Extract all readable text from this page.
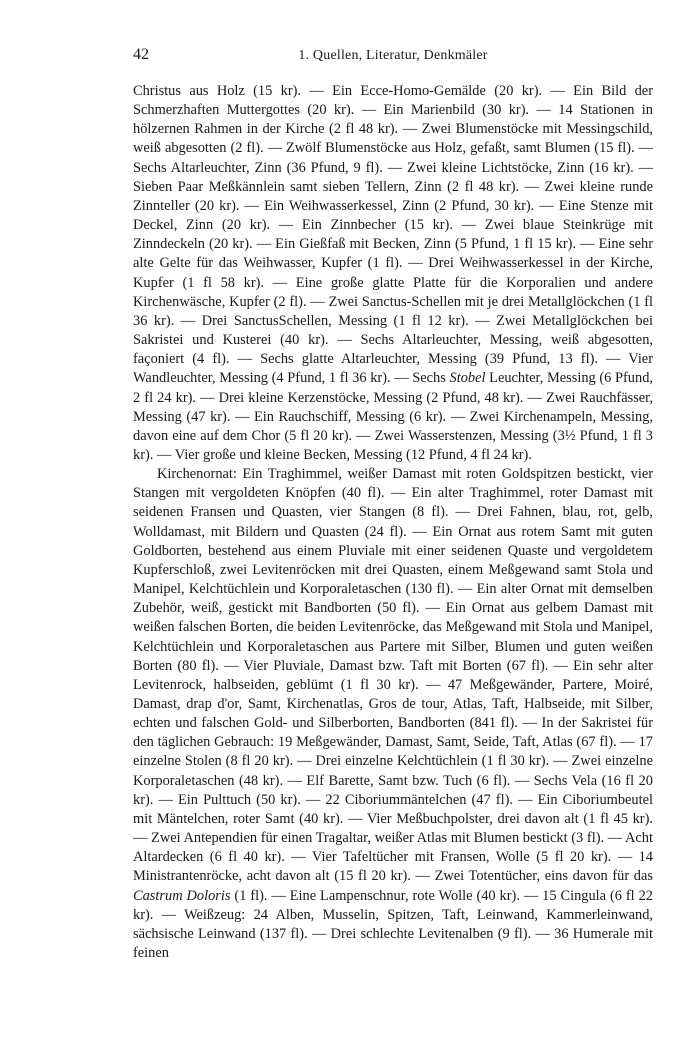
42	1. Quellen, Literatur, Denkmäler

Christus aus Holz (15 kr). — Ein Ecce-Homo-Gemälde (20 kr). — Ein Bild der Schmerzhaften Muttergottes (20 kr). — Ein Marienbild (30 kr). — 14 Stationen in hölzernen Rahmen in der Kirche (2 fl 48 kr). — Zwei Blumenstöcke mit Messingschild, weiß abgesotten (2 fl). — Zwölf Blumenstöcke aus Holz, gefaßt, samt Blumen (15 fl). — Sechs Altarleuchter, Zinn (36 Pfund, 9 fl). — Zwei kleine Lichtstöcke, Zinn (16 kr). — Sieben Paar Meßkännlein samt sieben Tellern, Zinn (2 fl 48 kr). — Zwei kleine runde Zinnteller (20 kr). — Ein Weihwasserkessel, Zinn (2 Pfund, 30 kr). — Eine Stenze mit Deckel, Zinn (20 kr). — Ein Zinnbecher (15 kr). — Zwei blaue Steinkrüge mit Zinndeckeln (20 kr). — Ein Gießfaß mit Becken, Zinn (5 Pfund, 1 fl 15 kr). — Eine sehr alte Gelte für das Weihwasser, Kupfer (1 fl). — Drei Weihwasserkessel in der Kirche, Kupfer (1 fl 58 kr). — Eine große glatte Platte für die Korporalien und andere Kirchenwäsche, Kupfer (2 fl). — Zwei Sanctus-Schellen mit je drei Metallglöckchen (1 fl 36 kr). — Drei SanctusSchellen, Messing (1 fl 12 kr). — Zwei Metallglöckchen bei Sakristei und Kusterei (40 kr). — Sechs Altarleuchter, Messing, weiß abgesotten, façoniert (4 fl). — Sechs glatte Altarleuchter, Messing (39 Pfund, 13 fl). — Vier Wandleuchter, Messing (4 Pfund, 1 fl 36 kr). — Sechs Stobel Leuchter, Messing (6 Pfund, 2 fl 24 kr). — Drei kleine Kerzenstöcke, Messing (2 Pfund, 48 kr). — Zwei Rauchfässer, Messing (47 kr). — Ein Rauchschiff, Messing (6 kr). — Zwei Kirchenampeln, Messing, davon eine auf dem Chor (5 fl 20 kr). — Zwei Wasserstenzen, Messing (3½ Pfund, 1 fl 3 kr). — Vier große und kleine Becken, Messing (12 Pfund, 4 fl 24 kr).

Kirchenornat: Ein Traghimmel, weißer Damast mit roten Goldspitzen bestickt, vier Stangen mit vergoldeten Knöpfen (40 fl). — Ein alter Traghimmel, roter Damast mit seidenen Fransen und Quasten, vier Stangen (8 fl). — Drei Fahnen, blau, rot, gelb, Wolldamast, mit Bildern und Quasten (24 fl). — Ein Ornat aus rotem Samt mit guten Goldborten, bestehend aus einem Pluviale mit einer seidenen Quaste und vergoldetem Kupferschloß, zwei Levitenröcken mit drei Quasten, einem Meßgewand samt Stola und Manipel, Kelchtüchlein und Korporaletaschen (130 fl). — Ein alter Ornat mit demselben Zubehör, weiß, gestickt mit Bandborten (50 fl). — Ein Ornat aus gelbem Damast mit weißen falschen Borten, die beiden Levitenröcke, das Meßgewand mit Stola und Manipel, Kelchtüchlein und Korporaletaschen aus Partere mit Silber, Blumen und guten weißen Borten (80 fl). — Vier Pluviale, Damast bzw. Taft mit Borten (67 fl). — Ein sehr alter Levitenrock, halbseiden, geblümt (1 fl 30 kr). — 47 Meßgewänder, Partere, Moiré, Damast, drap d'or, Samt, Kirchenatlas, Gros de tour, Atlas, Taft, Halbseide, mit Silber, echten und falschen Gold- und Silberborten, Bandborten (841 fl). — In der Sakristei für den täglichen Gebrauch: 19 Meßgewänder, Damast, Samt, Seide, Taft, Atlas (67 fl). — 17 einzelne Stolen (8 fl 20 kr). — Drei einzelne Kelchtüchlein (1 fl 30 kr). — Zwei einzelne Korporaletaschen (48 kr). — Elf Barette, Samt bzw. Tuch (6 fl). — Sechs Vela (16 fl 20 kr). — Ein Pulttuch (50 kr). — 22 Ciboriummäntelchen (47 fl). — Ein Ciboriumbeutel mit Mäntelchen, roter Samt (40 kr). — Vier Meßbuchpolster, drei davon alt (1 fl 45 kr). — Zwei Antependien für einen Tragaltar, weißer Atlas mit Blumen bestickt (3 fl). — Acht Altardecken (6 fl 40 kr). — Vier Tafeltücher mit Fransen, Wolle (5 fl 20 kr). — 14 Ministrantenröcke, acht davon alt (15 fl 20 kr). — Zwei Totentücher, eins davon für das Castrum Doloris (1 fl). — Eine Lampenschnur, rote Wolle (40 kr). — 15 Cingula (6 fl 22 kr). — Weißzeug: 24 Alben, Musselin, Spitzen, Taft, Leinwand, Kammerleinwand, sächsische Leinwand (137 fl). — Drei schlechte Levitenalben (9 fl). — 36 Humerale mit feinen
